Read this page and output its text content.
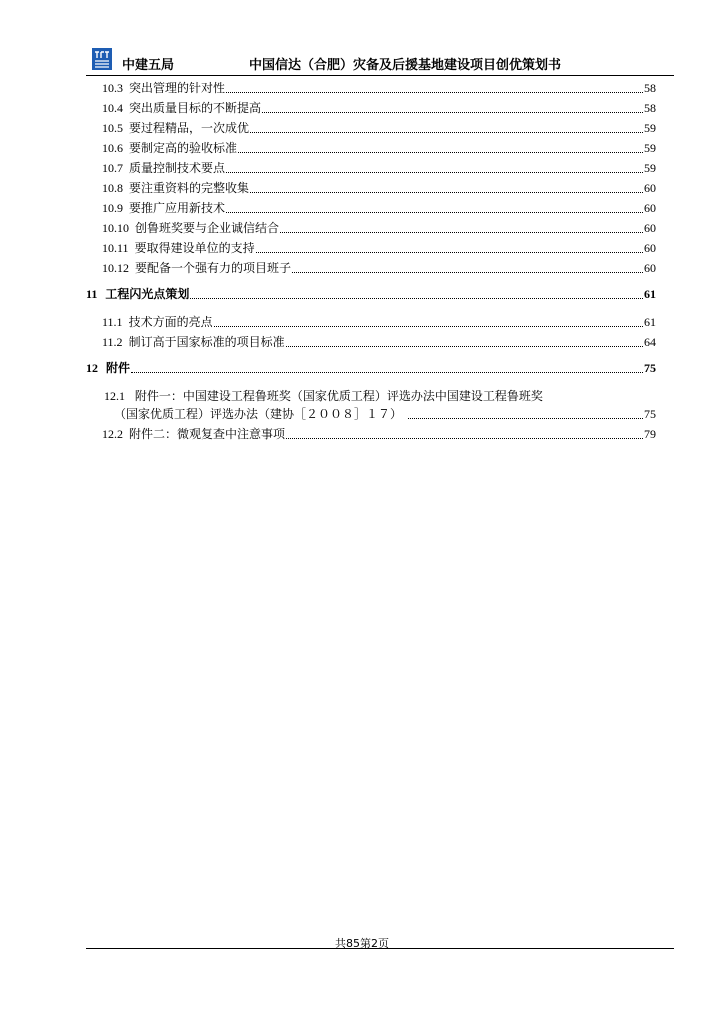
中建五局	中国信达（合肥）灾备及后援基地建设项目创优策划书
10.3 突出管理的针对性	58
10.4 突出质量目标的不断提高	58
10.5 要过程精品，一次成优	59
10.6 要制定高的验收标准	59
10.7 质量控制技术要点	59
10.8 要注重资料的完整收集	60
10.9 要推广应用新技术	60
10.10 创鲁班奖要与企业诚信结合	60
10.11 要取得建设单位的支持	60
10.12 要配备一个强有力的项目班子	60
11 工程闪光点策划	61
11.1 技术方面的亮点	61
11.2 制订高于国家标准的项目标准	64
12 附件	75
12.1 附件一：中国建设工程鲁班奖（国家优质工程）评选办法中国建设工程鲁班奖
（国家优质工程）评选办法（建协［２００８］１７）	75
12.2 附件二：微观复查中注意事项	79
共85第2页
